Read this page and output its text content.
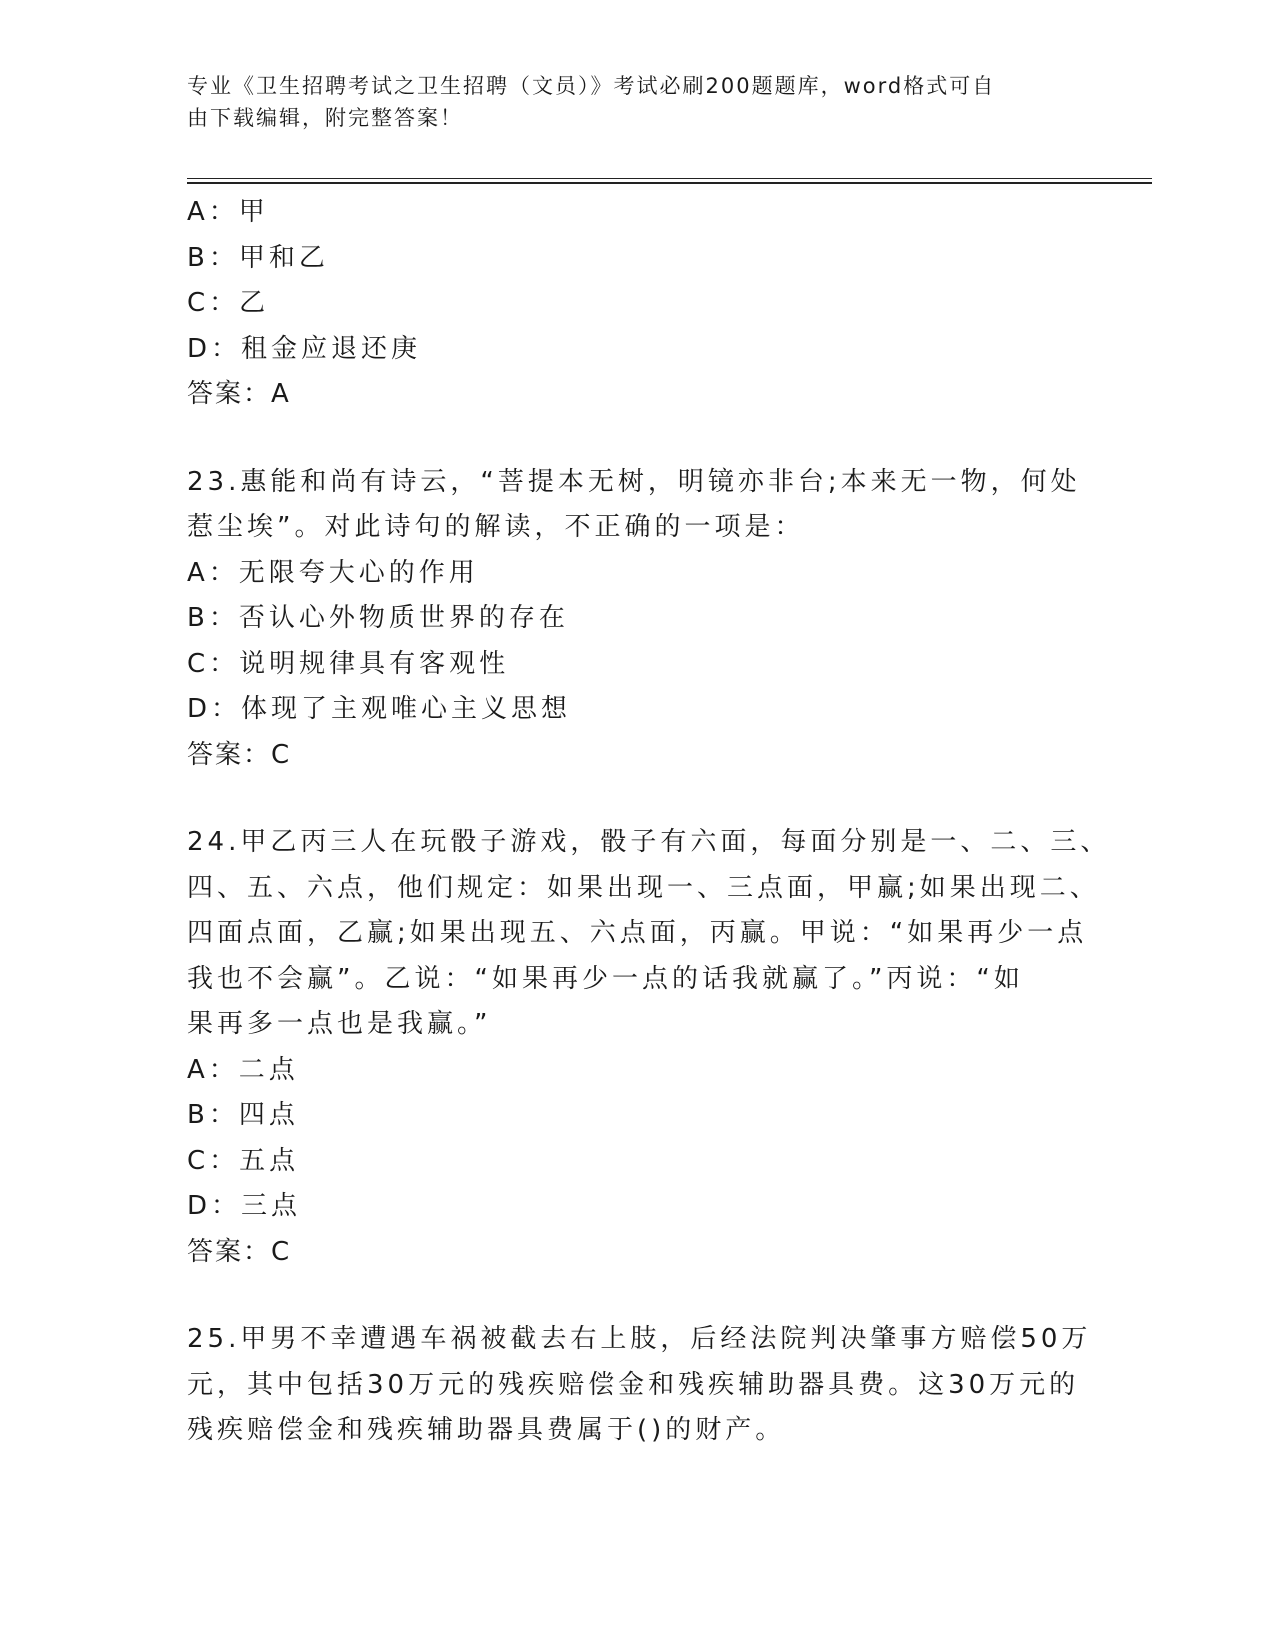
专业《卫生招聘考试之卫生招聘（文员）》考试必刷200题题库，word格式可自
由下载编辑，附完整答案！
A：甲
B：甲和乙
C：乙
D：租金应退还庚
答案：A
23.惠能和尚有诗云，“菩提本无树，明镜亦非台;本来无一物，何处
惹尘埃”。对此诗句的解读，不正确的一项是：
A：无限夸大心的作用
B：否认心外物质世界的存在
C：说明规律具有客观性
D：体现了主观唯心主义思想
答案：C
24.甲乙丙三人在玩骰子游戏，骰子有六面，每面分别是一、二、三、
四、五、六点，他们规定：如果出现一、三点面，甲赢;如果出现二、
四面点面，乙赢;如果出现五、六点面，丙赢。甲说：“如果再少一点
我也不会赢”。乙说：“如果再少一点的话我就赢了。”丙说：“如
果再多一点也是我赢。”
A：二点
B：四点
C：五点
D：三点
答案：C
25.甲男不幸遭遇车祸被截去右上肢，后经法院判决肇事方赔偿50万
元，其中包括30万元的残疾赔偿金和残疾辅助器具费。这30万元的
残疾赔偿金和残疾辅助器具费属于()的财产。
